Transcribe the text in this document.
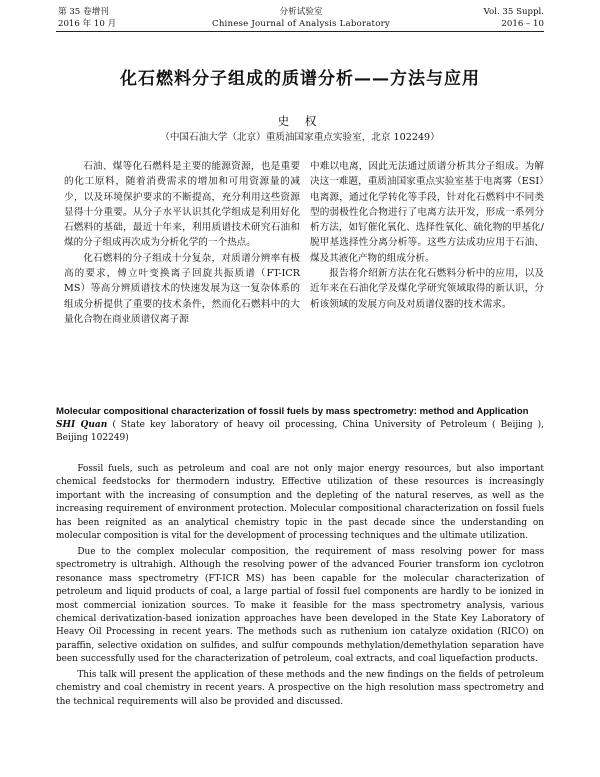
第 35 卷增刊
2016 年 10 月
分析试验室
Chinese Journal of Analysis Laboratory
Vol. 35 Suppl.
2016 – 10
化石燃料分子组成的质谱分析——方法与应用
史 权
（中国石油大学（北京）重质油国家重点实验室，北京 102249）

石油、煤等化石燃料是主要的能源资源，也是重要的化工原料，随着消费需求的增加和可用资源量的减少，以及环境保护要求的不断提高，充分利用这些资源显得十分重要。从分子水平认识其化学组成是利用好化石燃料的基础，最近十年来，利用质谱技术研究石油和煤的分子组成再次成为分析化学的一个热点。

化石燃料的分子组成十分复杂，对质谱分辨率有极高的要求，傅立叶变换离子回旋共振质谱（FT-ICR MS）等高分辨质谱技术的快速发展为这一复杂体系的组成分析提供了重要的技术条件，然而化石燃料中的大量化合物在商业质谱仪离子源

中难以电离，因此无法通过质谱分析其分子组成。为解决这一难题，重质油国家重点实验室基于电离雾（ESI）电离源，通过化学转化等手段，针对化石燃料中不同类型的弱极性化合物进行了电离方法开发，形成一系列分析方法，如钌催化氧化、选择性氧化、硫化物的甲基化/脱甲基选择性分离分析等。这些方法成功应用于石油、煤及其液化产物的组成分析。

报告将介绍新方法在化石燃料分析中的应用，以及近年来在石油化学及煤化学研究领域取得的新认识，分析该领域的发展方向及对质谱仪器的技术需求。

Molecular compositional characterization of fossil fuels by mass spectrometry: method and Application
SHI Quan ( State key laboratory of heavy oil processing, China University of Petroleum ( Beijing ), Beijing 102249)

Fossil fuels, such as petroleum and coal are not only major energy resources, but also important chemical feedstocks for thermodern industry. Effective utilization of these resources is increasingly important with the increasing of consumption and the depleting of the natural reserves, as well as the increasing requirement of environment protection. Molecular compositional characterization on fossil fuels has been reignited as an analytical chemistry topic in the past decade since the understanding on molecular composition is vital for the development of processing techniques and the ultimate utilization.

Due to the complex molecular composition, the requirement of mass resolving power for mass spectrometry is ultrahigh. Although the resolving power of the advanced Fourier transform ion cyclotron resonance mass spectrometry (FT-ICR MS) has been capable for the molecular characterization of petroleum and liquid products of coal, a large partial of fossil fuel components are hardly to be ionized in most commercial ionization sources. To make it feasible for the mass spectrometry analysis, various chemical derivatization-based ionization approaches have been developed in the State Key Laboratory of Heavy Oil Processing in recent years. The methods such as ruthenium ion catalyze oxidation (RICO) on paraffin, selective oxidation on sulfides, and sulfur compounds methylation/demethylation separation have been successfully used for the characterization of petroleum, coal extracts, and coal liquefaction products.

This talk will present the application of these methods and the new findings on the fields of petroleum chemistry and coal chemistry in recent years. A prospective on the high resolution mass spectrometry and the technical requirements will also be provided and discussed.
